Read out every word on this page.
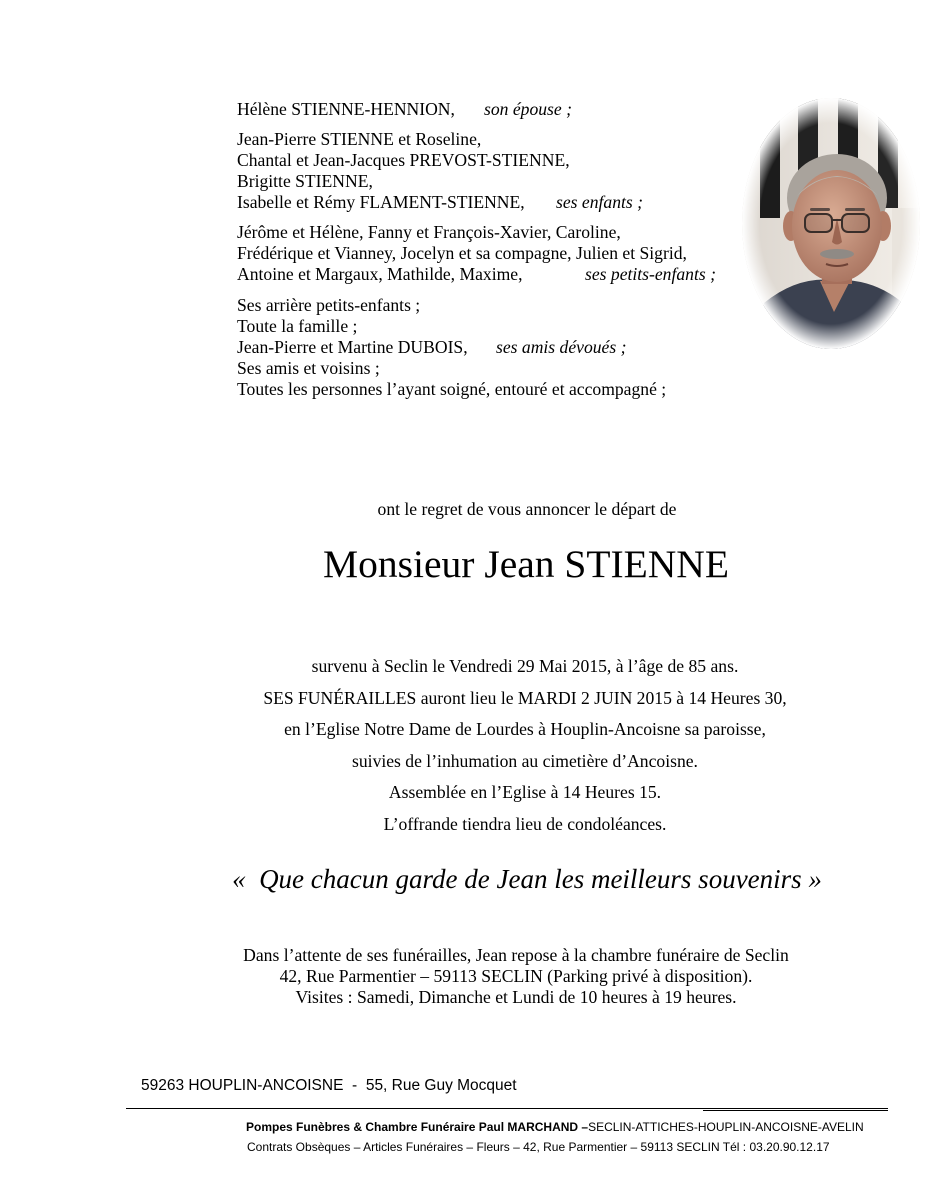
Hélène STIENNE-HENNION, son épouse ;
Jean-Pierre STIENNE et Roseline,
Chantal et Jean-Jacques PREVOST-STIENNE,
Brigitte STIENNE,
Isabelle et Rémy FLAMENT-STIENNE, ses enfants ;
Jérôme et Hélène, Fanny et François-Xavier, Caroline,
Frédérique et Vianney, Jocelyn et sa compagne, Julien et Sigrid,
Antoine et Margaux, Mathilde, Maxime,	ses petits-enfants ;
Ses arrière petits-enfants ;
Toute la famille ;
Jean-Pierre et Martine DUBOIS, ses amis dévoués ;
Ses amis et voisins ;
Toutes les personnes l’ayant soigné, entouré et accompagné ;
ont le regret de vous annoncer le départ de
Monsieur Jean STIENNE
survenu à Seclin le Vendredi 29 Mai 2015, à l’âge de 85 ans.
SES FUNÉRAILLES auront lieu le MARDI 2 JUIN 2015 à 14 Heures 30,
en l’Eglise Notre Dame de Lourdes à Houplin-Ancoisne sa paroisse,
suivies de l’inhumation au cimetière d’Ancoisne.
Assemblée en l’Eglise à 14 Heures 15.
L’offrande tiendra lieu de condoléances.
«  Que chacun garde de Jean les meilleurs souvenirs »
Dans l’attente de ses funérailles, Jean repose à la chambre funéraire de Seclin
42, Rue Parmentier – 59113 SECLIN (Parking privé à disposition).
Visites : Samedi, Dimanche et Lundi de 10 heures à 19 heures.
59263 HOUPLIN-ANCOISNE  -  55, Rue Guy Mocquet
Pompes Funèbres & Chambre Funéraire Paul MARCHAND –SECLIN-ATTICHES-HOUPLIN-ANCOISNE-AVELIN
Contrats Obsèques – Articles Funéraires – Fleurs – 42, Rue Parmentier – 59113 SECLIN Tél : 03.20.90.12.17
